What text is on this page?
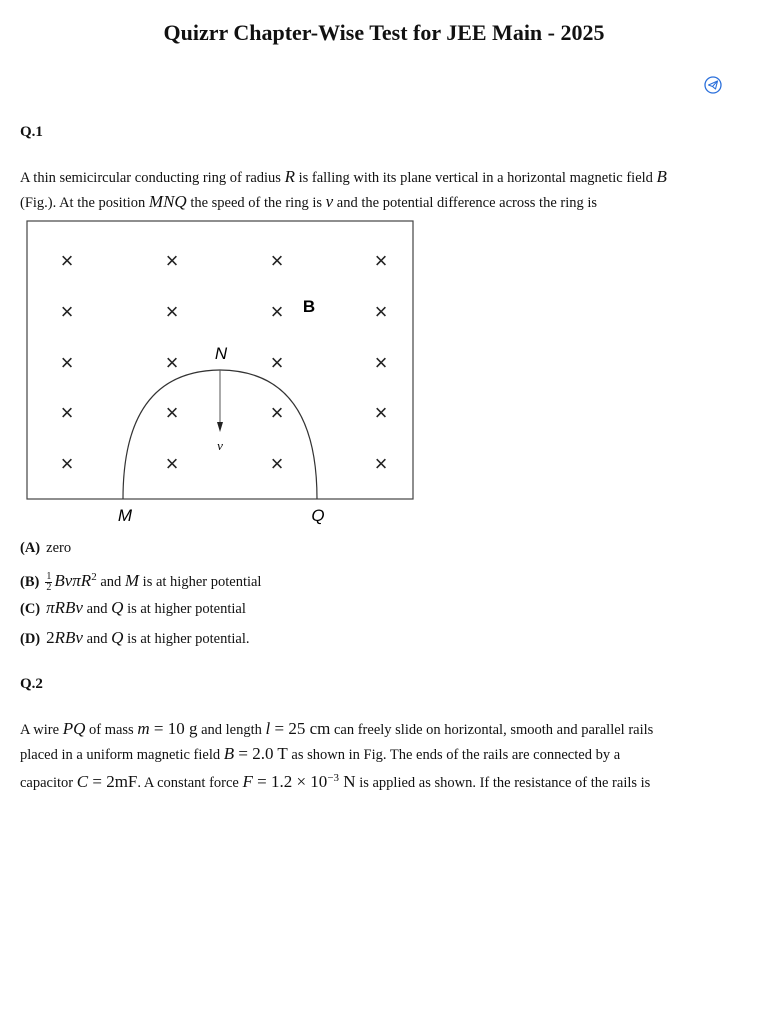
Quizrr Chapter-Wise Test for JEE Main - 2025
Q.1
A thin semicircular conducting ring of radius R is falling with its plane vertical in a horizontal magnetic field B
(Fig.). At the position MNQ the speed of the ring is v and the potential difference across the ring is
×	×	×	×
×	×	×	×
×	×	×	×
×	×	×	×
×	×	×	×
v
N
B
M	Q
(A) zero
$(B) \frac{1}{2} Bv\pi R^2$ and M is at higher potential
(C) πRBv and Q is at higher potential
(D) 2RBv and Q is at higher potential.
Q.2
A wire PQ of mass m = 10 g and length l = 25 cm can freely slide on horizontal, smooth and parallel rails
placed in a uniform magnetic field B = 2.0 T as shown in Fig. The ends of the rails are connected by a
capacitor C = 2mF. A constant force $F = 1.2 \times 10^{-3}$ N is applied as shown. If the resistance of the rails is
